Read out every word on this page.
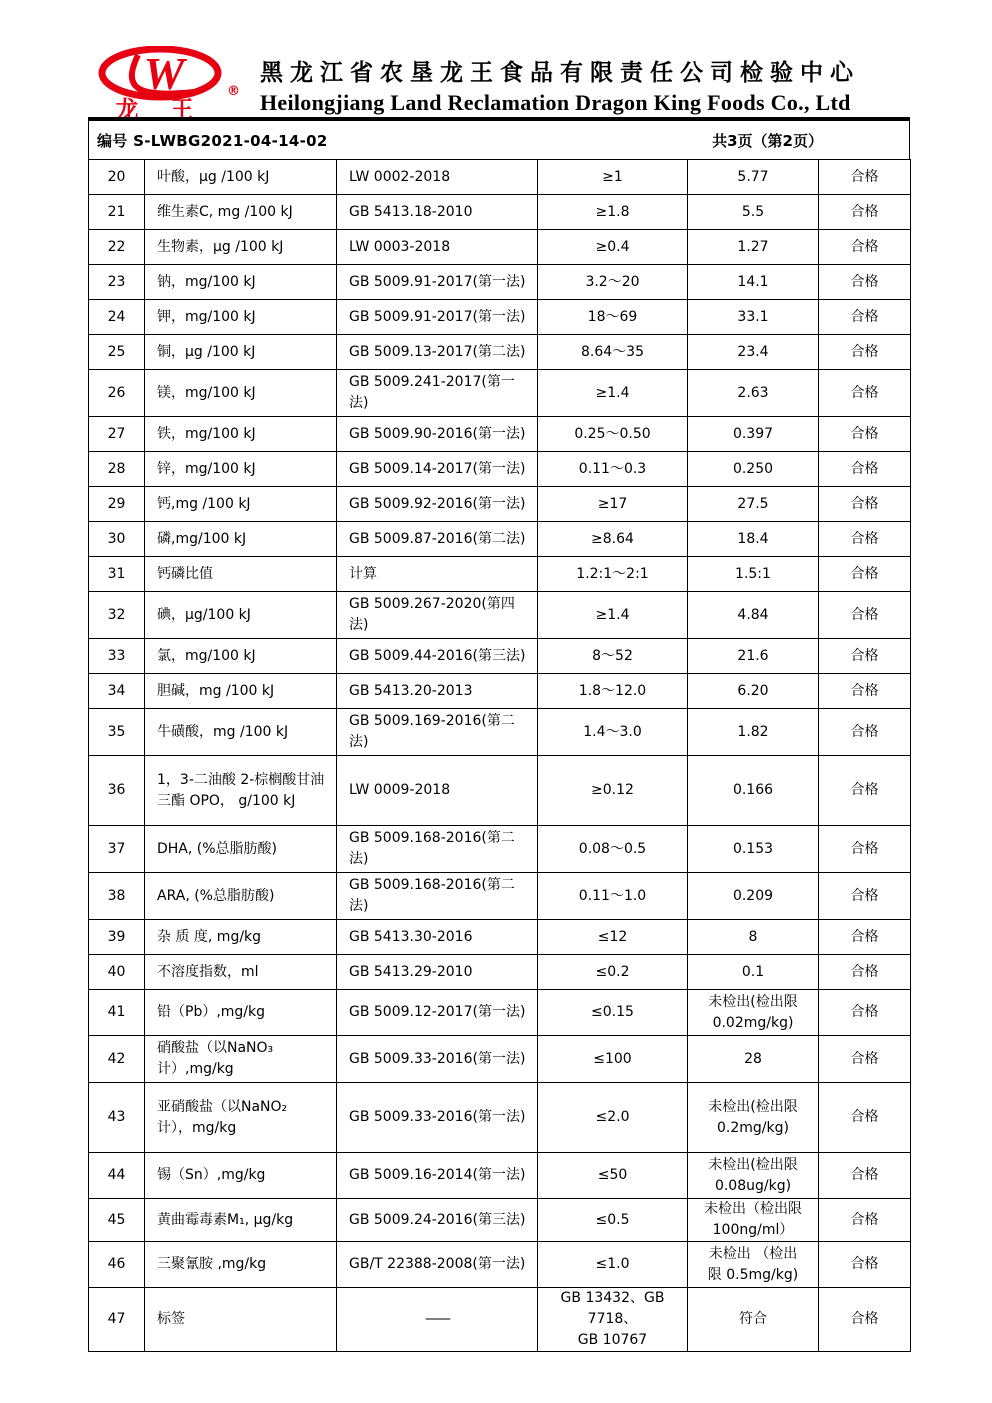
W
龙 王
®
黑龙江省农垦龙王食品有限责任公司检验中心
Heilongjiang Land Reclamation Dragon King Foods Co., Ltd
编号 S-LWBG2021-04-14-02	共3页（第2页）
20	叶酸，μg /100 kJ	LW 0002-2018	≥1	5.77	合格
21	维生素C, mg /100 kJ	GB 5413.18-2010	≥1.8	5.5	合格
22	生物素，μg /100 kJ	LW 0003-2018	≥0.4	1.27	合格
23	钠，mg/100 kJ	GB 5009.91-2017(第一法)	3.2～20	14.1	合格
24	钾，mg/100 kJ	GB 5009.91-2017(第一法)	18～69	33.1	合格
25	铜，μg /100 kJ	GB 5009.13-2017(第二法)	8.64～35	23.4	合格
26	镁，mg/100 kJ	GB 5009.241-2017(第一法)	≥1.4	2.63	合格
27	铁，mg/100 kJ	GB 5009.90-2016(第一法)	0.25～0.50	0.397	合格
28	锌，mg/100 kJ	GB 5009.14-2017(第一法)	0.11～0.3	0.250	合格
29	钙,mg /100 kJ	GB 5009.92-2016(第一法)	≥17	27.5	合格
30	磷,mg/100 kJ	GB 5009.87-2016(第二法)	≥8.64	18.4	合格
31	钙磷比值	计算	1.2:1～2:1	1.5:1	合格
32	碘，μg/100 kJ	GB 5009.267-2020(第四法)	≥1.4	4.84	合格
33	氯，mg/100 kJ	GB 5009.44-2016(第三法)	8～52	21.6	合格
34	胆碱，mg /100 kJ	GB 5413.20-2013	1.8～12.0	6.20	合格
35	牛磺酸，mg /100 kJ	GB 5009.169-2016(第二法)	1.4～3.0	1.82	合格
36	1，3-二油酸 2-棕榈酸甘油
三酯 OPO， g/100 kJ	LW 0009-2018	≥0.12	0.166	合格
37	DHA, (%总脂肪酸)	GB 5009.168-2016(第二法)	0.08～0.5	0.153	合格
38	ARA, (%总脂肪酸)	GB 5009.168-2016(第二法)	0.11～1.0	0.209	合格
39	杂 质 度, mg/kg	GB 5413.30-2016	≤12	8	合格
40	不溶度指数，ml	GB 5413.29-2010	≤0.2	0.1	合格
41	铅（Pb）,mg/kg	GB 5009.12-2017(第一法)	≤0.15	未检出(检出限
0.02mg/kg)	合格
42	硝酸盐（以NaNO₃计）,mg/kg	GB 5009.33-2016(第一法)	≤100	28	合格
43	亚硝酸盐（以NaNO₂
计），mg/kg	GB 5009.33-2016(第一法)	≤2.0	未检出(检出限
0.2mg/kg)	合格
44	锡（Sn）,mg/kg	GB 5009.16-2014(第一法)	≤50	未检出(检出限
0.08ug/kg)	合格
45	黄曲霉毒素M₁, μg/kg	GB 5009.24-2016(第三法)	≤0.5	未检出（检出限
100ng/ml）	合格
46	三聚氰胺 ,mg/kg	GB/T 22388-2008(第一法)	≤1.0	未检出 （检出
限 0.5mg/kg)	合格
47	标签	——	GB 13432、GB 7718、
GB 10767	符合	合格
